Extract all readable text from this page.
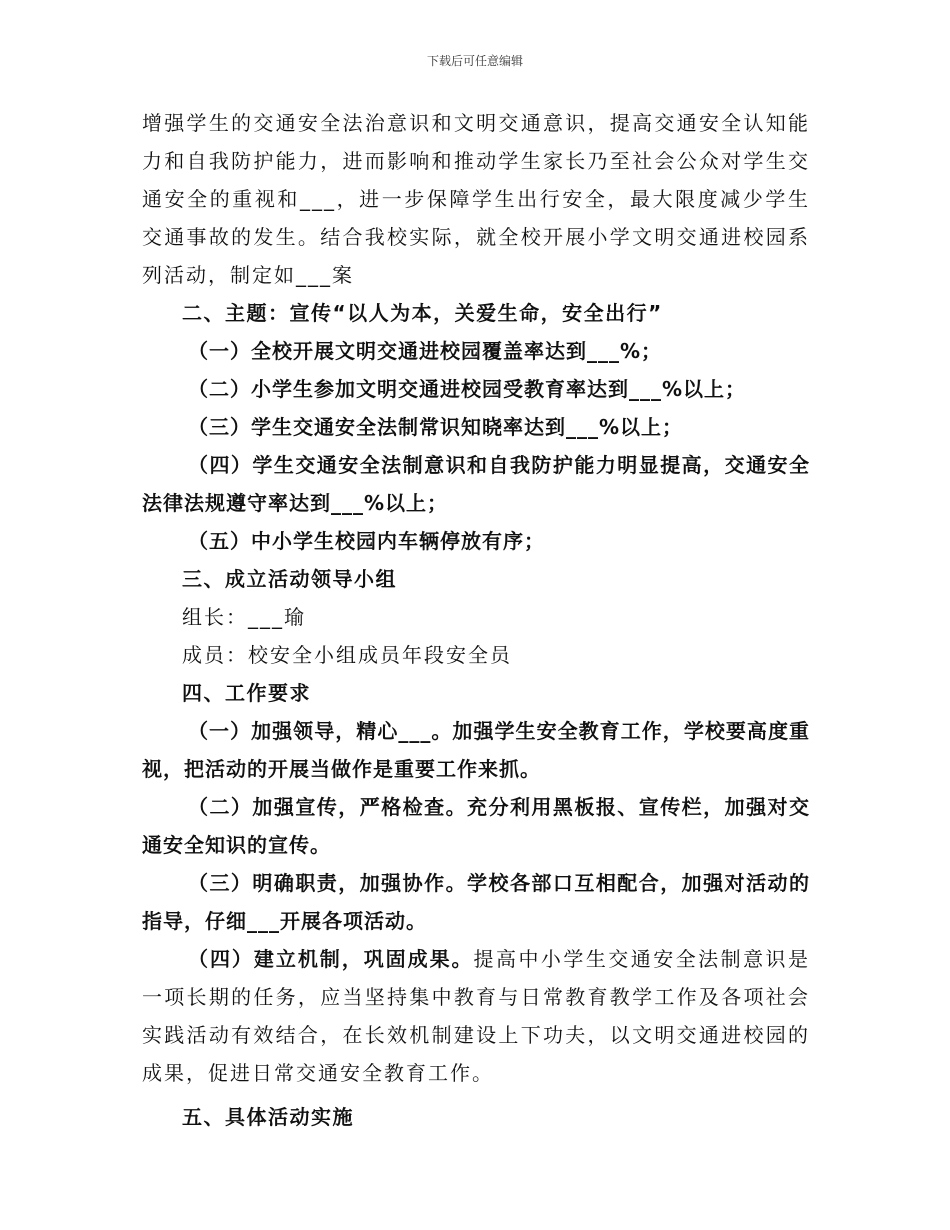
下载后可任意编辑

增强学生的交通安全法治意识和文明交通意识，提高交通安全认知能力和自我防护能力，进而影响和推动学生家长乃至社会公众对学生交通安全的重视和___，进一步保障学生出行安全，最大限度减少学生交通事故的发生。结合我校实际，就全校开展小学文明交通进校园系列活动，制定如___案

二、主题：宣传“以人为本，关爱生命，安全出行”

（一）全校开展文明交通进校园覆盖率达到___%；

（二）小学生参加文明交通进校园受教育率达到___%以上；

（三）学生交通安全法制常识知晓率达到___%以上；

（四）学生交通安全法制意识和自我防护能力明显提高，交通安全法律法规遵守率达到___%以上；

（五）中小学生校园内车辆停放有序；

三、成立活动领导小组

组长：___瑜

成员：校安全小组成员年段安全员

四、工作要求

（一）加强领导，精心___。加强学生安全教育工作，学校要高度重视，把活动的开展当做作是重要工作来抓。

（二）加强宣传，严格检查。充分利用黑板报、宣传栏，加强对交通安全知识的宣传。

（三）明确职责，加强协作。学校各部口互相配合，加强对活动的指导，仔细___开展各项活动。

（四）建立机制，巩固成果。提高中小学生交通安全法制意识是一项长期的任务，应当坚持集中教育与日常教育教学工作及各项社会实践活动有效结合，在长效机制建设上下功夫，以文明交通进校园的成果，促进日常交通安全教育工作。

五、具体活动实施
